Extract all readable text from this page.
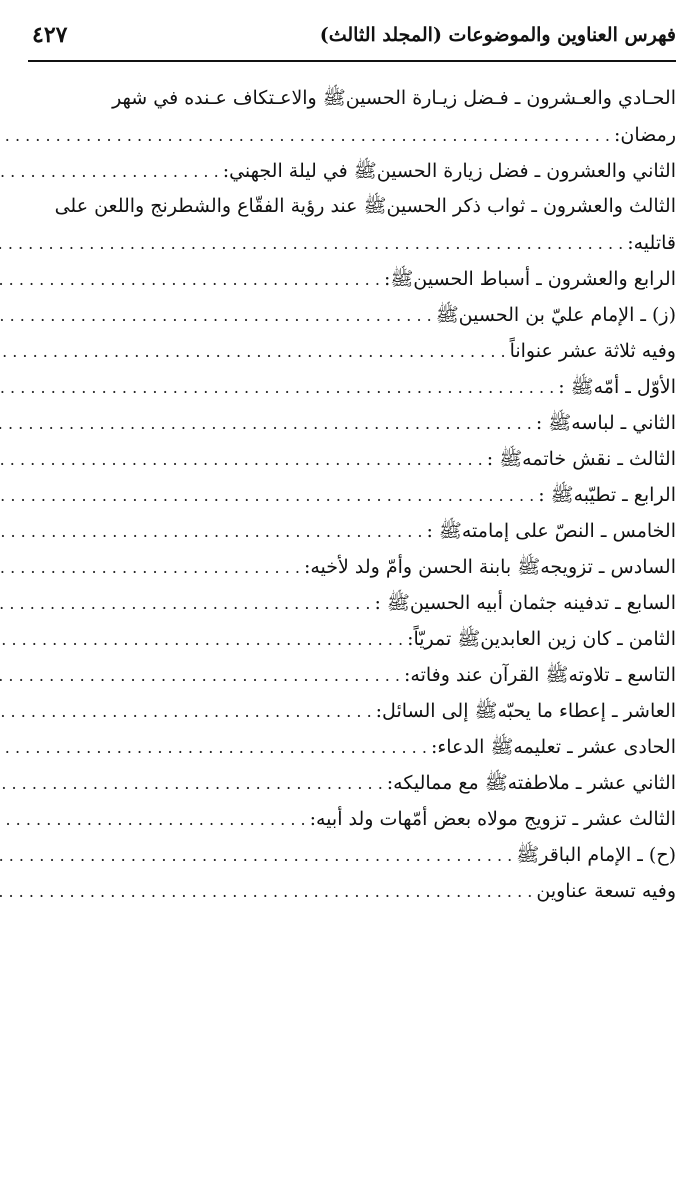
فهرس العناوين والموضوعات (المجلد الثالث)
٤٢٧
الحـادي والعـشرون ـ فـضل زيـارة الحسينﷺ والاعـتكاف عـنده في شهر
رمضان:
. . .
الثاني والعشرون ـ فضل زيارة الحسينﷺ في ليلة الجهني:
. . .
الثالث والعشرون ـ ثواب ذكر الحسينﷺ عند رؤية الفقّاع والشطرنج واللعن على
قاتليه:
. . .
الرابع والعشرون ـ أسباط الحسينﷺ:
. . .
(ز) ـ الإمام عليّ بن الحسينﷺ
. . .
وفيه ثلاثة عشر عنواناً
. . .
الأوّل ـ أمّهﷺ :
. . .
الثاني ـ لباسهﷺ :
. . .
الثالث ـ نقش خاتمهﷺ :
. . .
الرابع ـ تطيّبهﷺ :
. . .
الخامس ـ النصّ على إمامتهﷺ :
. . .
السادس ـ تزويجهﷺ بابنة الحسن وأمّ ولد لأخيه:
. . .
السابع ـ تدفينه جثمان أبيه الحسينﷺ :
. . .
الثامن ـ كان زين العابدينﷺ تمريّاً:
. . .
التاسع ـ تلاوتهﷺ القرآن عند وفاته:
. . .
العاشر ـ إعطاء ما يحبّهﷺ إلى السائل:
. . .
الحادى عشر ـ تعليمهﷺ الدعاء:
. . .
الثاني عشر ـ ملاطفتهﷺ مع مماليكه:
. . .
الثالث عشر ـ تزويج مولاه بعض أمّهات ولد أبيه:
. . .
(ح) ـ الإمام الباقرﷺ
. . .
وفيه تسعة عناوين
. . .
